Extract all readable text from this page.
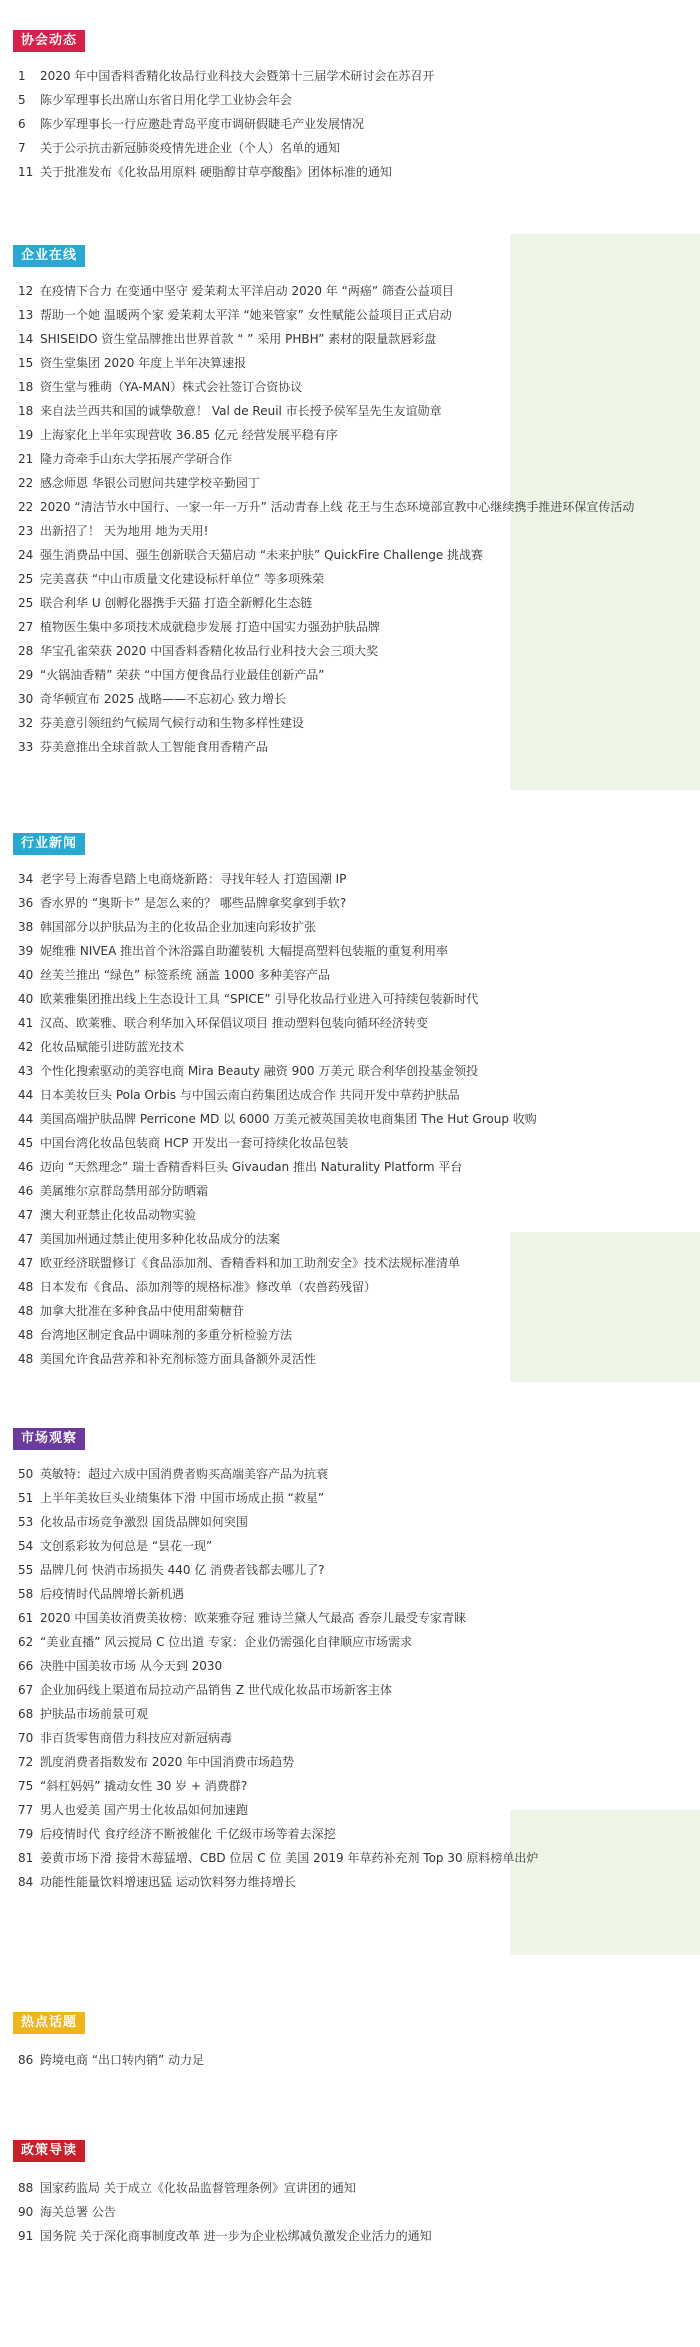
协会动态
1 2020 年中国香料香精化妆品行业科技大会暨第十三届学术研讨会在苏召开
5 陈少军理事长出席山东省日用化学工业协会年会
6 陈少军理事长一行应邀赴青岛平度市调研假睫毛产业发展情况
7 关于公示抗击新冠肺炎疫情先进企业（个人）名单的通知
11 关于批准发布《化妆品用原料 硬脂醇甘草亭酸酯》团体标准的通知
企业在线
12 在疫情下合力 在变通中坚守 爱茉莉太平洋启动 2020 年 “两癌” 筛查公益项目
13 帮助一个她 温暖两个家 爱茉莉太平洋 “她来管家” 女性赋能公益项目正式启动
14 SHISEIDO 资生堂品牌推出世界首款 “ ” 采用 PHBH” 素材的限量款唇彩盘
15 资生堂集团 2020 年度上半年决算速报
18 资生堂与雅萌（YA-MAN）株式会社签订合资协议
18 来自法兰西共和国的诚挚敬意！ Val de Reuil 市长授予侯军呈先生友谊勋章
19 上海家化上半年实现营收 36.85 亿元 经营发展平稳有序
21 隆力奇牵手山东大学拓展产学研合作
22 感念师恩 华银公司慰问共建学校辛勤园丁
22 2020 “清洁节水中国行、一家一年一万升” 活动青春上线 花王与生态环境部宣教中心继续携手推进环保宣传活动
23 出新招了！ 天为地用 地为天用!
24 强生消费品中国、强生创新联合天猫启动 “未来护肤” QuickFire Challenge 挑战赛
25 完美喜获 “中山市质量文化建设标杆单位” 等多项殊荣
25 联合利华 U 创孵化器携手天猫 打造全新孵化生态链
27 植物医生集中多项技术成就稳步发展 打造中国实力强劲护肤品牌
28 华宝孔雀荣获 2020 中国香料香精化妆品行业科技大会三项大奖
29 “火锅油香精” 荣获 “中国方便食品行业最佳创新产品”
30 奇华顿宣布 2025 战略——不忘初心 致力增长
32 芬美意引领纽约气候周气候行动和生物多样性建设
33 芬美意推出全球首款人工智能食用香精产品
行业新闻
34 老字号上海香皂踏上电商烧新路：寻找年轻人 打造国潮 IP
36 香水界的 “奥斯卡” 是怎么来的？ 哪些品牌拿奖拿到手软?
38 韩国部分以护肤品为主的化妆品企业加速向彩妆扩张
39 妮维雅 NIVEA 推出首个沐浴露自助灌装机 大幅提高塑料包装瓶的重复利用率
40 丝芙兰推出 “绿色” 标签系统 涵盖 1000 多种美容产品
40 欧莱雅集团推出线上生态设计工具 “SPICE” 引导化妆品行业进入可持续包装新时代
41 汉高、欧莱雅、联合利华加入环保倡议项目 推动塑料包装向循环经济转变
42 化妆品赋能引进防蓝光技术
43 个性化搜索驱动的美容电商 Mira Beauty 融资 900 万美元 联合利华创投基金领投
44 日本美妆巨头 Pola Orbis 与中国云南白药集团达成合作 共同开发中草药护肤品
44 美国高端护肤品牌 Perricone MD 以 6000 万美元被英国美妆电商集团 The Hut Group 收购
45 中国台湾化妆品包装商 HCP 开发出一套可持续化妆品包装
46 迈向 “天然理念” 瑞士香精香料巨头 Givaudan 推出 Naturality Platform 平台
46 美属维尔京群岛禁用部分防晒霜
47 澳大利亚禁止化妆品动物实验
47 美国加州通过禁止使用多种化妆品成分的法案
47 欧亚经济联盟修订《食品添加剂、香精香料和加工助剂安全》技术法规标准清单
48 日本发布《食品、添加剂等的规格标准》修改单（农兽药残留）
48 加拿大批准在多种食品中使用甜菊糖苷
48 台湾地区制定食品中调味剂的多重分析检验方法
48 美国允许食品营养和补充剂标签方面具备额外灵活性
市场观察
50 英敏特：超过六成中国消费者购买高端美容产品为抗衰
51 上半年美妆巨头业绩集体下滑 中国市场成止损 “救星”
53 化妆品市场竞争激烈 国货品牌如何突围
54 文创系彩妆为何总是 “昙花一现”
55 品牌几何 快消市场损失 440 亿 消费者钱都去哪儿了?
58 后疫情时代品牌增长新机遇
61 2020 中国美妆消费美妆榜：欧莱雅夺冠 雅诗兰黛人气最高 香奈儿最受专家青睐
62 “美业直播” 风云搅局 C 位出道 专家：企业仍需强化自律顺应市场需求
66 决胜中国美妆市场 从今天到 2030
67 企业加码线上渠道布局拉动产品销售 Z 世代成化妆品市场新客主体
68 护肤品市场前景可观
70 非百货零售商借力科技应对新冠病毒
72 凯度消费者指数发布 2020 年中国消费市场趋势
75 “斜杠妈妈” 撬动女性 30 岁 + 消费群?
77 男人也爱美 国产男士化妆品如何加速跑
79 后疫情时代 食疗经济不断被催化 千亿级市场等着去深挖
81 姜黄市场下滑 接骨木莓猛增、CBD 位居 C 位 美国 2019 年草药补充剂 Top 30 原料榜单出炉
84 功能性能量饮料增速迅猛 运动饮料努力维持增长
热点话题
86 跨境电商 “出口转内销” 动力足
政策导读
88 国家药监局 关于成立《化妆品监督管理条例》宣讲团的通知
90 海关总署 公告
91 国务院 关于深化商事制度改革 进一步为企业松绑减负激发企业活力的通知
